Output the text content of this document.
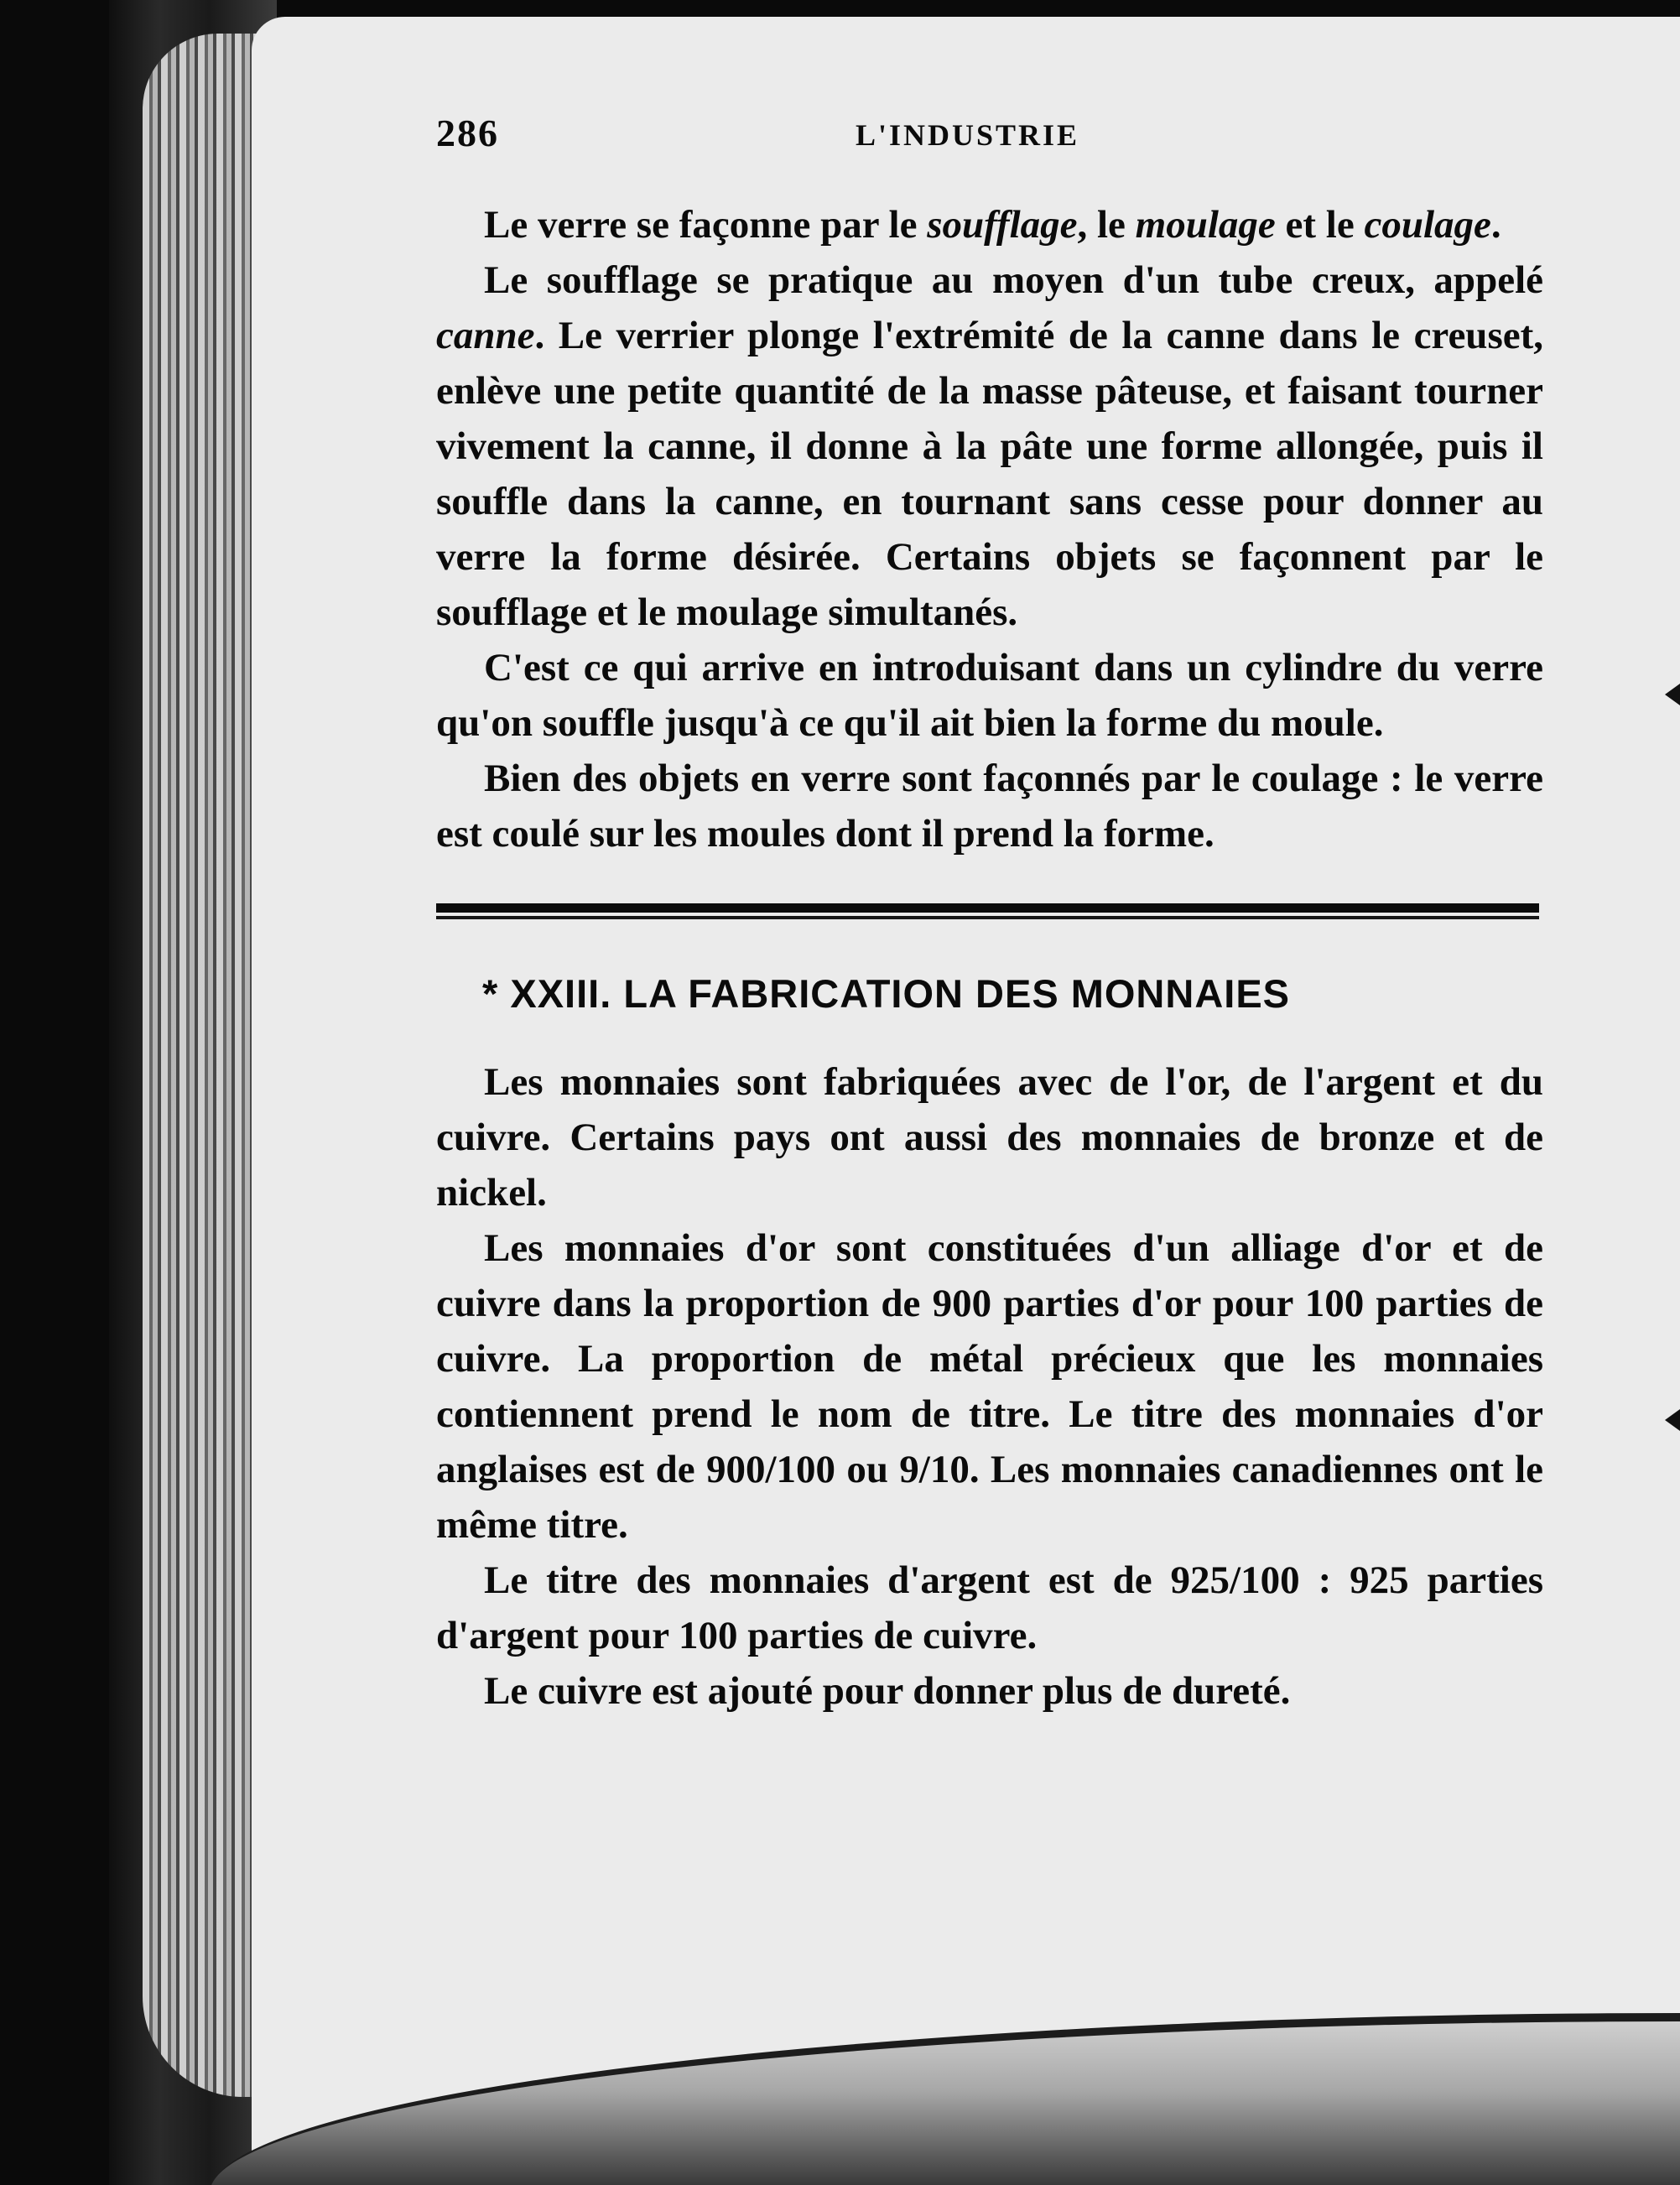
286	L'INDUSTRIE

Le verre se façonne par le soufflage, le moulage et le coulage.

Le soufflage se pratique au moyen d'un tube creux, appelé canne. Le verrier plonge l'extrémité de la canne dans le creuset, enlève une petite quantité de la masse pâteuse, et faisant tourner vivement la canne, il donne à la pâte une forme allongée, puis il souffle dans la canne, en tournant sans cesse pour donner au verre la forme désirée. Certains objets se façonnent par le soufflage et le moulage simultanés.

C'est ce qui arrive en introduisant dans un cylindre du verre qu'on souffle jusqu'à ce qu'il ait bien la forme du moule.

Bien des objets en verre sont façonnés par le coulage : le verre est coulé sur les moules dont il prend la forme.

* XXIII. LA FABRICATION DES MONNAIES

Les monnaies sont fabriquées avec de l'or, de l'argent et du cuivre. Certains pays ont aussi des monnaies de bronze et de nickel.

Les monnaies d'or sont constituées d'un alliage d'or et de cuivre dans la proportion de 900 parties d'or pour 100 parties de cuivre. La proportion de métal précieux que les monnaies contiennent prend le nom de titre. Le titre des monnaies d'or anglaises est de 900/100 ou 9/10. Les monnaies canadiennes ont le même titre.

Le titre des monnaies d'argent est de 925/100 : 925 parties d'argent pour 100 parties de cuivre.

Le cuivre est ajouté pour donner plus de dureté.
